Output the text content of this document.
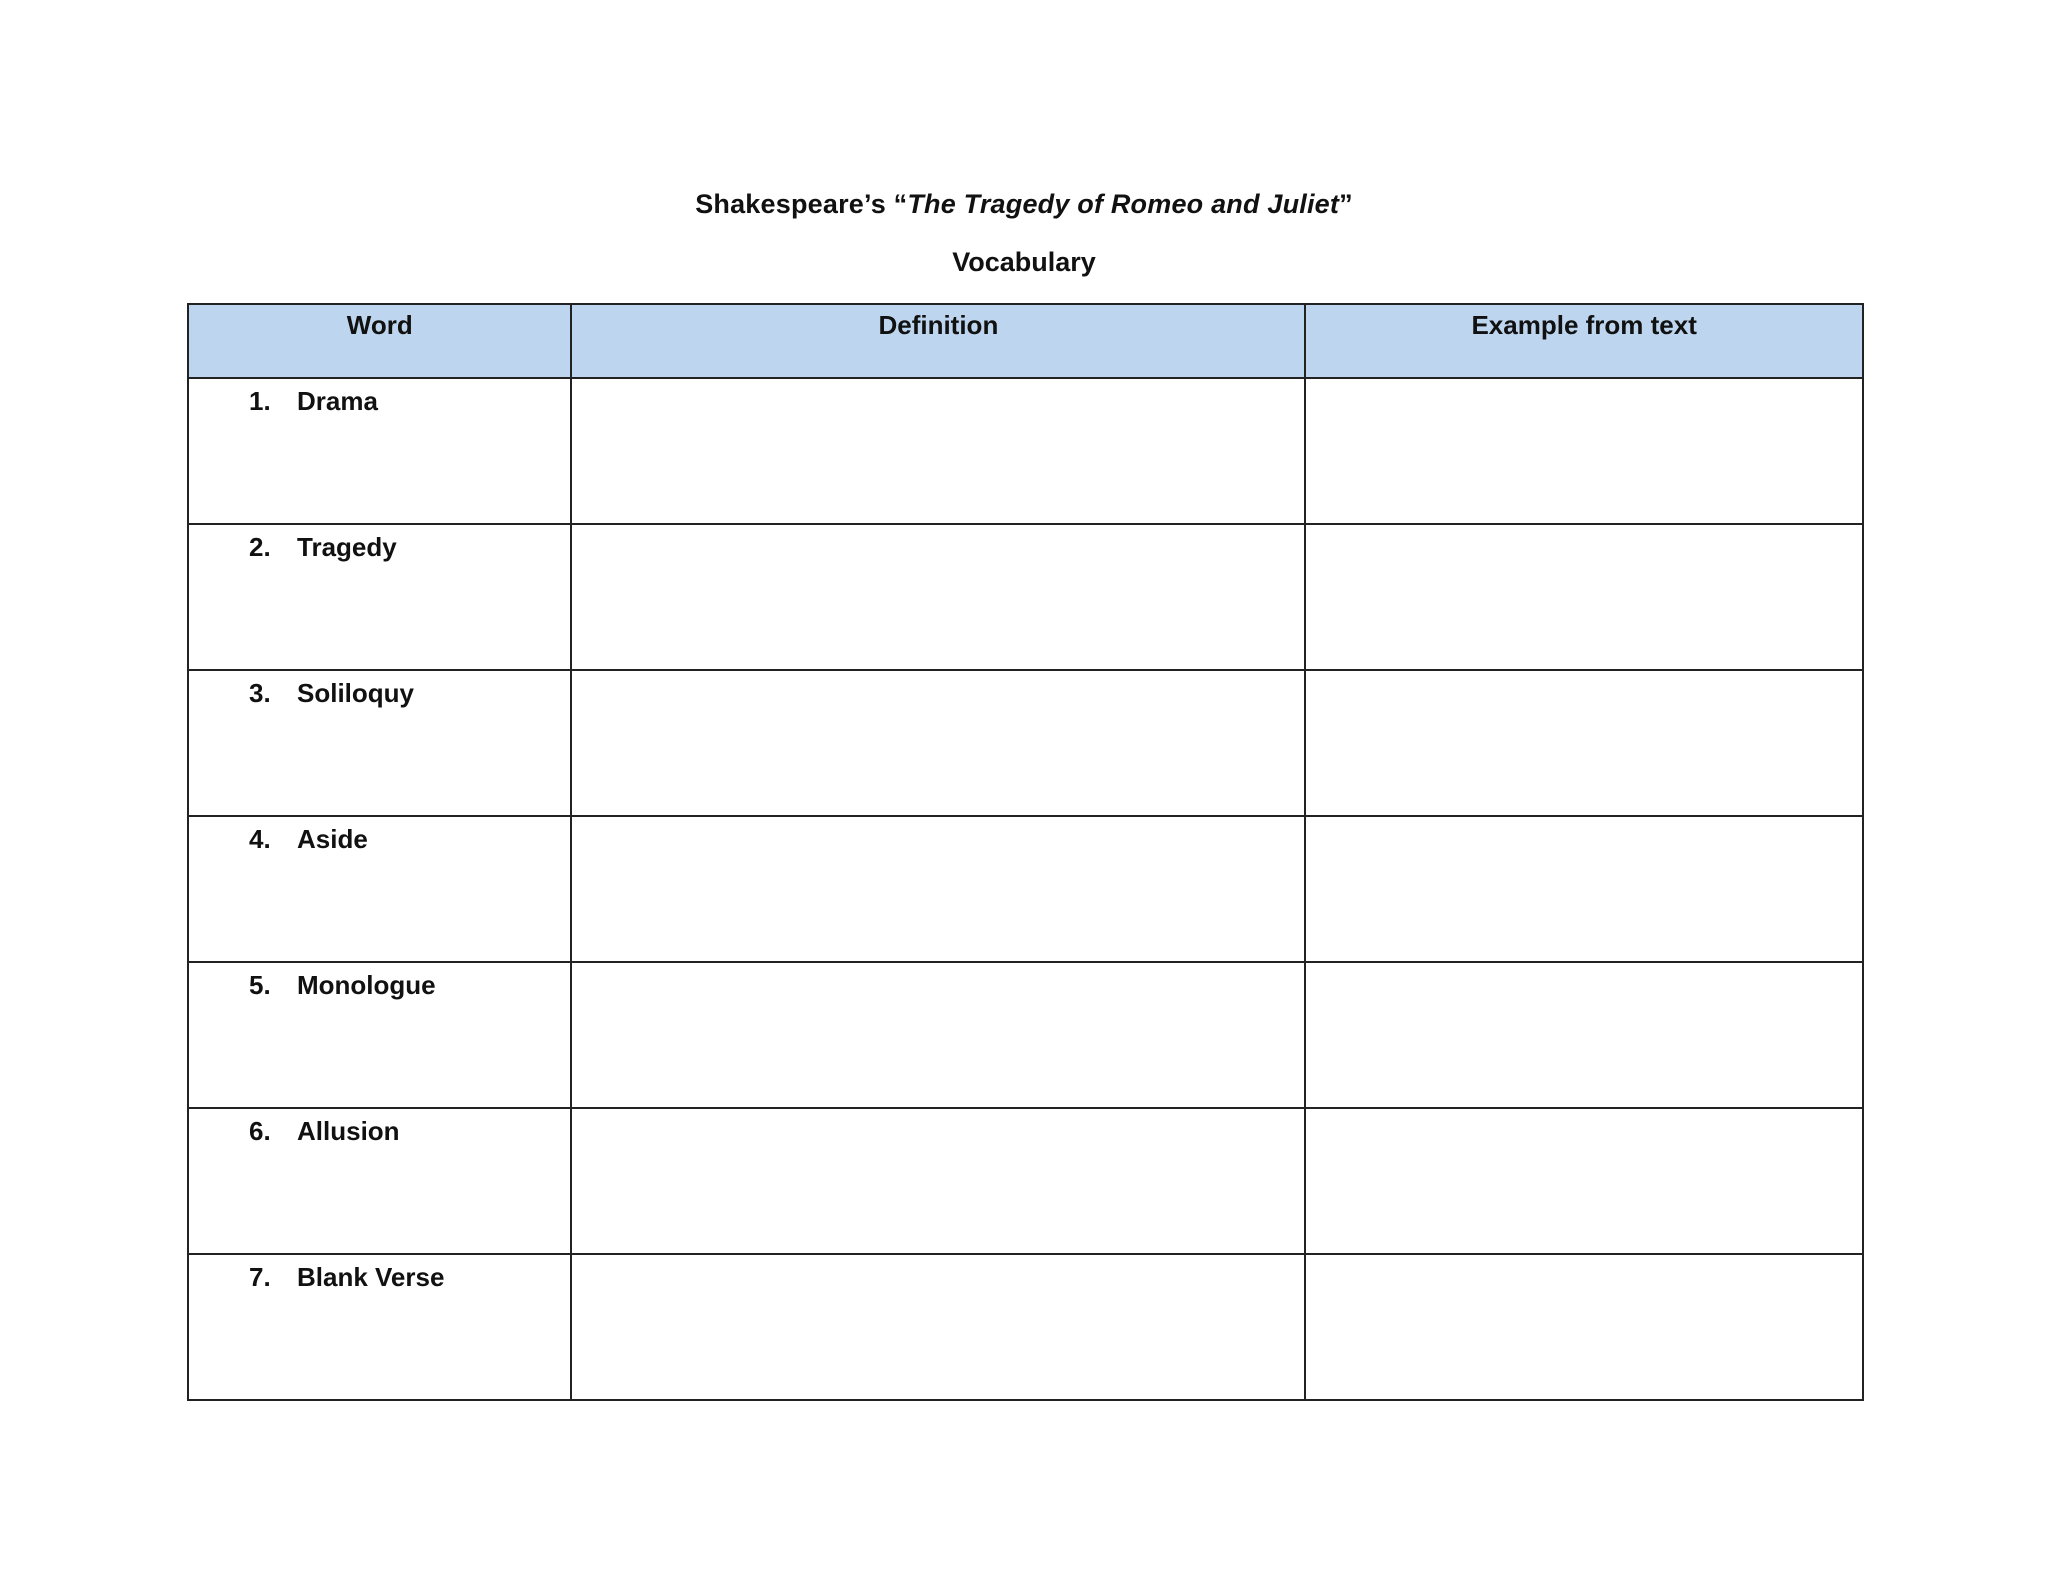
Shakespeare’s “The Tragedy of Romeo and Juliet”
Vocabulary
Word	Definition	Example from text
1. Drama		
2. Tragedy		
3. Soliloquy		
4. Aside		
5. Monologue		
6. Allusion		
7. Blank Verse		
